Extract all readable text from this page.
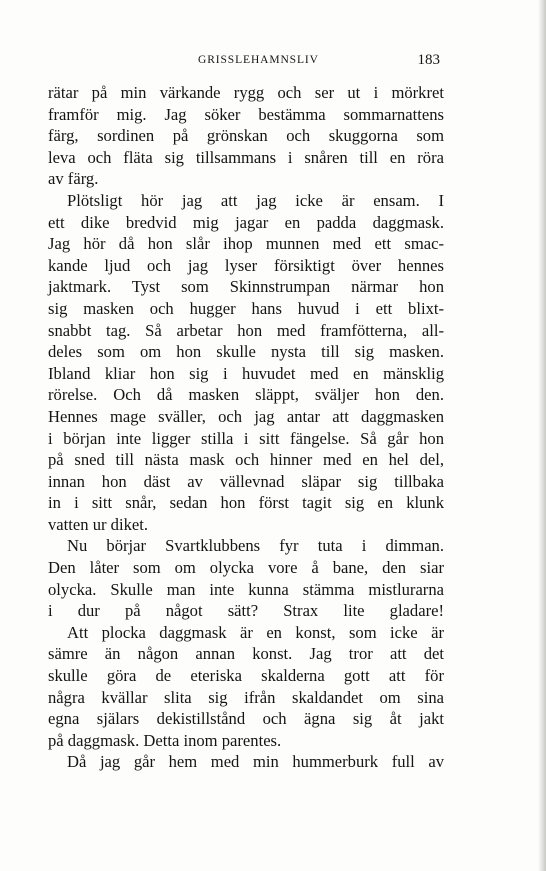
GRISSLEHAMNSLIV	183
rätar på min värkande rygg och ser ut i mörkret
framför mig. Jag söker bestämma sommarnattens
färg, sordinen på grönskan och skuggorna som
leva och fläta sig tillsammans i snåren till en röra
av färg.
Plötsligt hör jag att jag icke är ensam. I
ett dike bredvid mig jagar en padda daggmask.
Jag hör då hon slår ihop munnen med ett smac-
kande ljud och jag lyser försiktigt över hennes
jaktmark. Tyst som Skinnstrumpan närmar hon
sig masken och hugger hans huvud i ett blixt-
snabbt tag. Så arbetar hon med framfötterna, all-
deles som om hon skulle nysta till sig masken.
Ibland kliar hon sig i huvudet med en mänsklig
rörelse. Och då masken släppt, sväljer hon den.
Hennes mage sväller, och jag antar att daggmasken
i början inte ligger stilla i sitt fängelse. Så går hon
på sned till nästa mask och hinner med en hel del,
innan hon däst av vällevnad släpar sig tillbaka
in i sitt snår, sedan hon först tagit sig en klunk
vatten ur diket.
Nu börjar Svartklubbens fyr tuta i dimman.
Den låter som om olycka vore å bane, den siar
olycka. Skulle man inte kunna stämma mistlurarna
i dur på något sätt? Strax lite gladare!
Att plocka daggmask är en konst, som icke är
sämre än någon annan konst. Jag tror att det
skulle göra de eteriska skalderna gott att för
några kvällar slita sig ifrån skaldandet om sina
egna själars dekistillstånd och ägna sig åt jakt
på daggmask. Detta inom parentes.
Då jag går hem med min hummerburk full av
